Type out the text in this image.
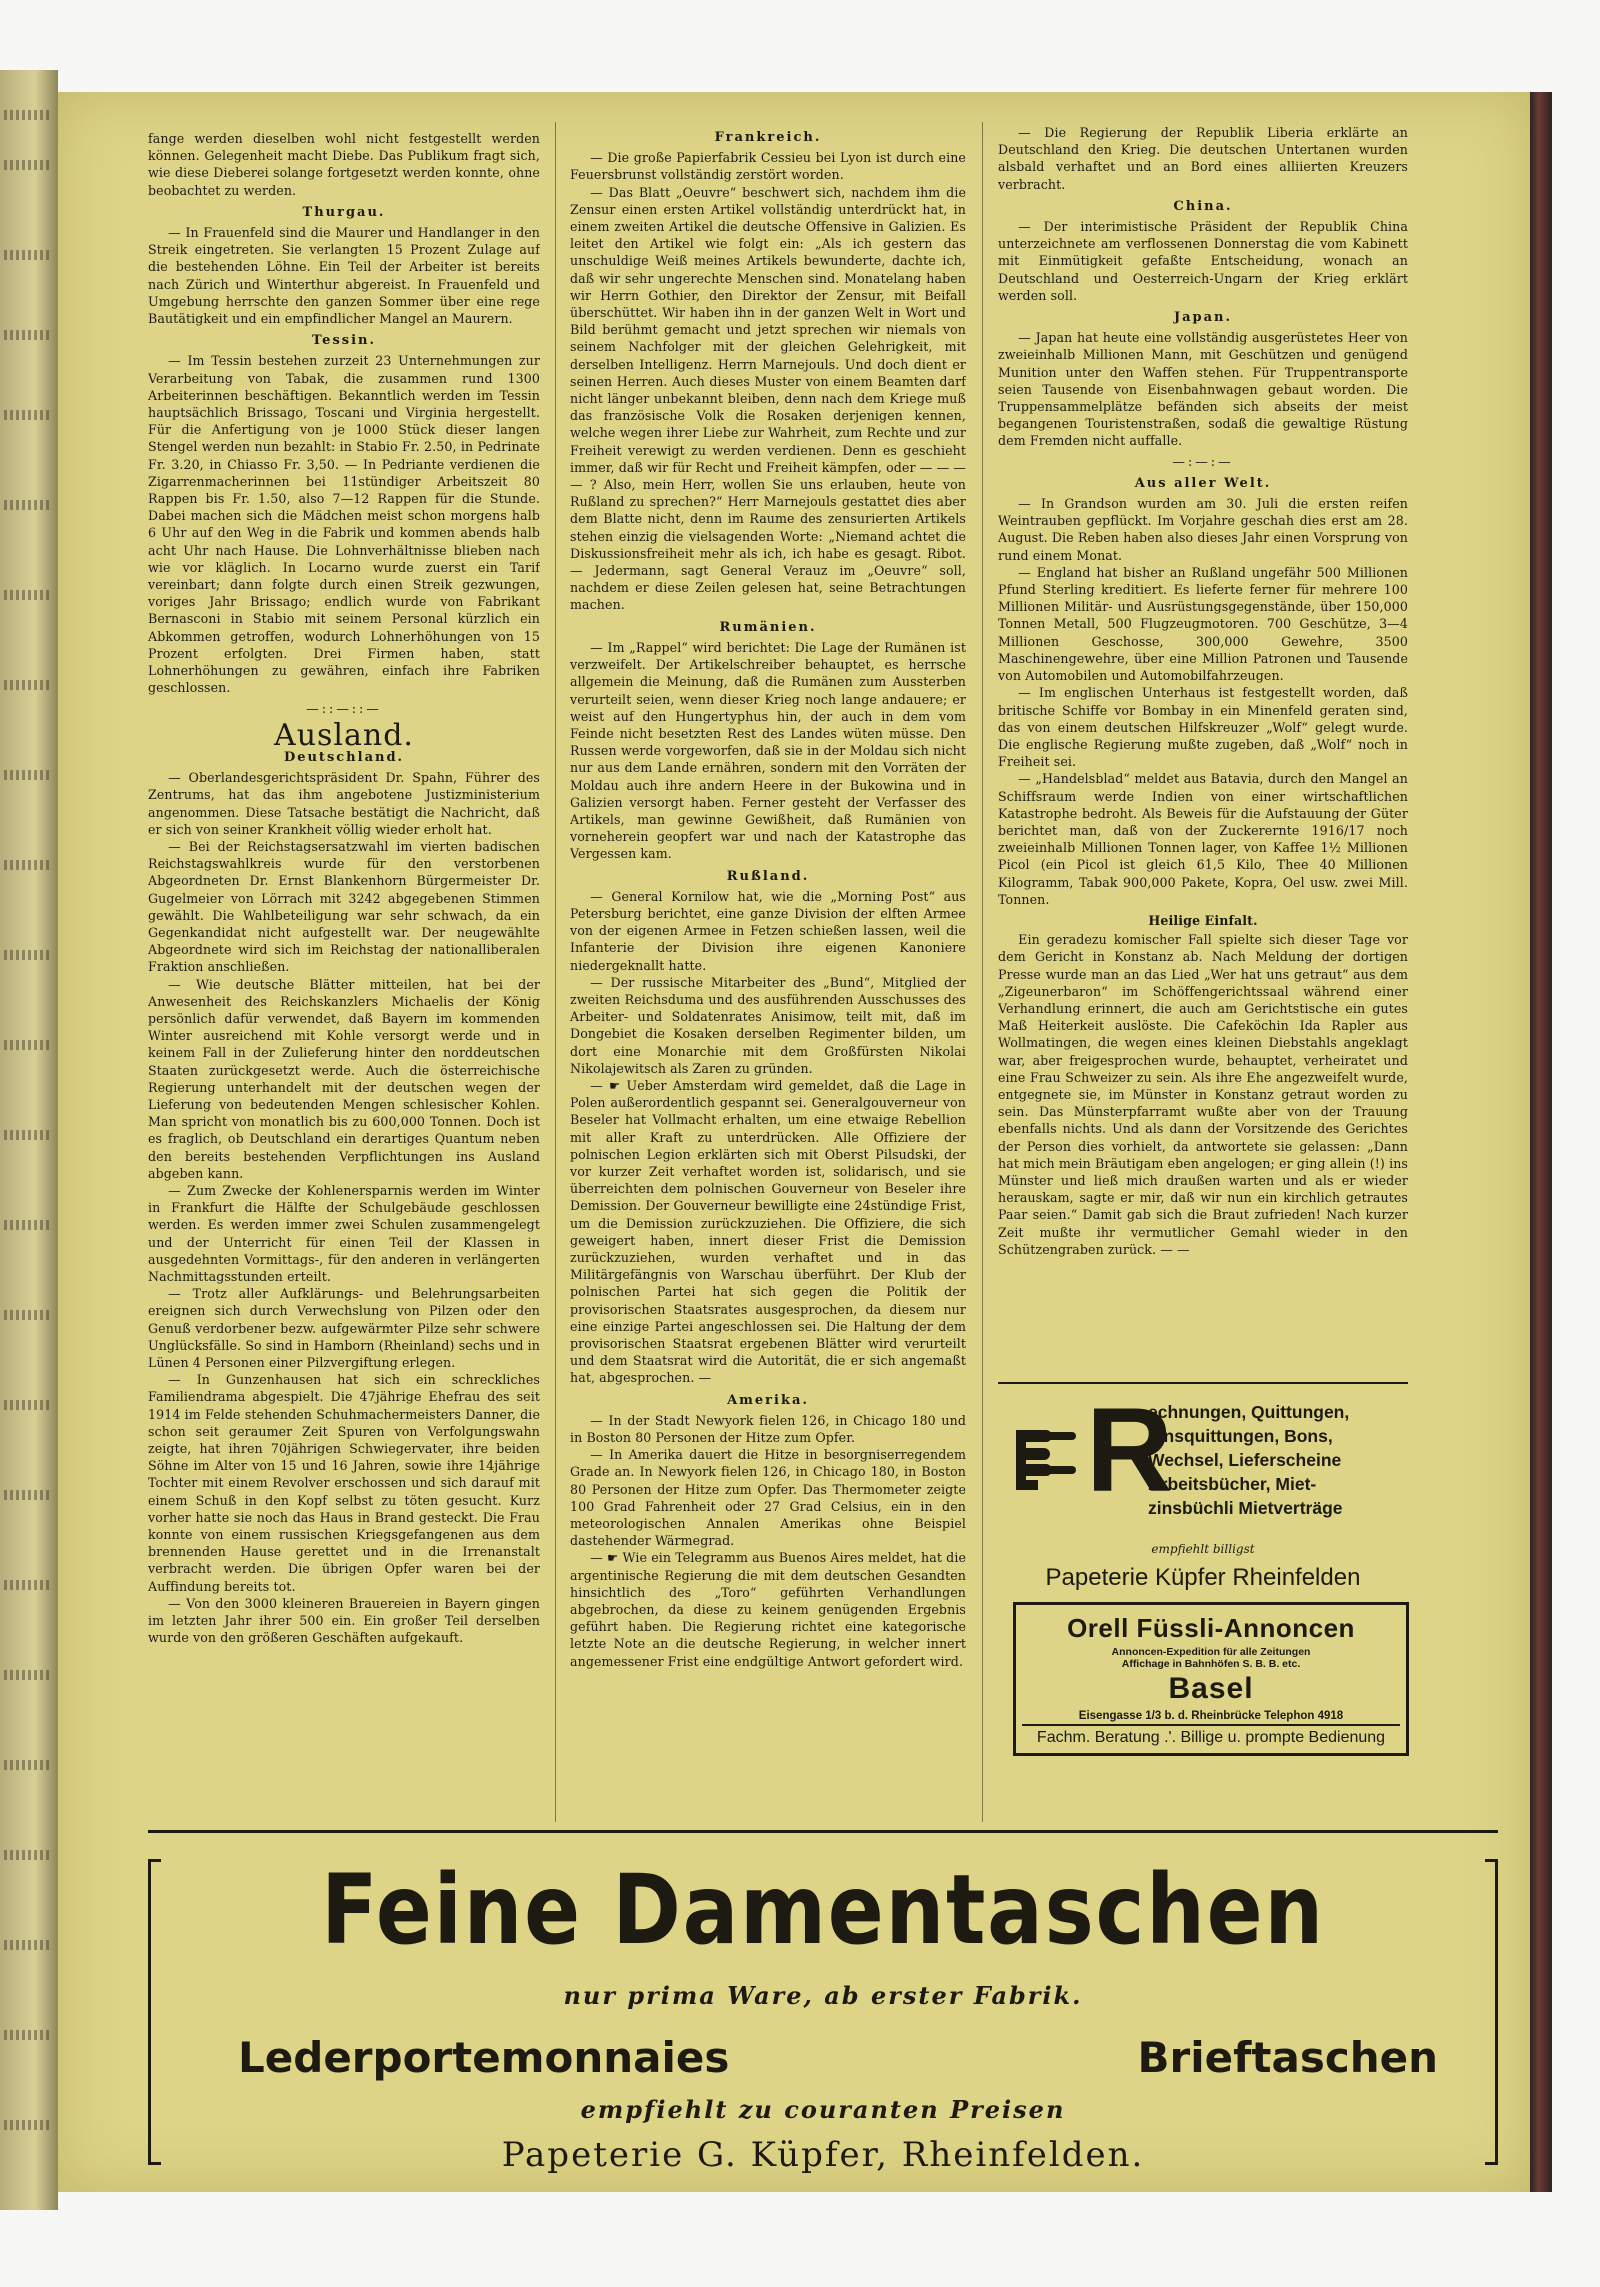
fange werden dieselben wohl nicht festgestellt werden können. Gelegenheit macht Diebe. Das Publikum fragt sich, wie diese Dieberei solange fortgesetzt werden konnte, ohne beobachtet zu werden.

Thurgau.

— In Frauenfeld sind die Maurer und Handlanger in den Streik eingetreten. Sie verlangten 15 Prozent Zulage auf die bestehenden Löhne. Ein Teil der Arbeiter ist bereits nach Zürich und Winterthur abgereist. In Frauenfeld und Umgebung herrschte den ganzen Sommer über eine rege Bautätigkeit und ein empfindlicher Mangel an Maurern.

Tessin.

— Im Tessin bestehen zurzeit 23 Unternehmungen zur Verarbeitung von Tabak, die zusammen rund 1300 Arbeiterinnen beschäftigen. Bekanntlich werden im Tessin hauptsächlich Brissago, Toscani und Virginia hergestellt. Für die Anfertigung von je 1000 Stück dieser langen Stengel werden nun bezahlt: in Stabio Fr. 2.50, in Pedrinate Fr. 3.20, in Chiasso Fr. 3,50. — In Pedriante verdienen die Zigarrenmacherinnen bei 11stündiger Arbeitszeit 80 Rappen bis Fr. 1.50, also 7—12 Rappen für die Stunde. Dabei machen sich die Mädchen meist schon morgens halb 6 Uhr auf den Weg in die Fabrik und kommen abends halb acht Uhr nach Hause. Die Lohnverhältnisse blieben nach wie vor kläglich. In Locarno wurde zuerst ein Tarif vereinbart; dann folgte durch einen Streik gezwungen, voriges Jahr Brissago; endlich wurde von Fabrikant Bernasconi in Stabio mit seinem Personal kürzlich ein Abkommen getroffen, wodurch Lohnerhöhungen von 15 Prozent erfolgten. Drei Firmen haben, statt Lohnerhöhungen zu gewähren, einfach ihre Fabriken geschlossen.

—::—::—
Ausland.
Deutschland.

— Oberlandesgerichtspräsident Dr. Spahn, Führer des Zentrums, hat das ihm angebotene Justizministerium angenommen. Diese Tatsache bestätigt die Nachricht, daß er sich von seiner Krankheit völlig wieder erholt hat.

— Bei der Reichstagsersatzwahl im vierten badischen Reichstagswahlkreis wurde für den verstorbenen Abgeordneten Dr. Ernst Blankenhorn Bürgermeister Dr. Gugelmeier von Lörrach mit 3242 abgegebenen Stimmen gewählt. Die Wahlbeteiligung war sehr schwach, da ein Gegenkandidat nicht aufgestellt war. Der neugewählte Abgeordnete wird sich im Reichstag der nationalliberalen Fraktion anschließen.

— Wie deutsche Blätter mitteilen, hat bei der Anwesenheit des Reichskanzlers Michaelis der König persönlich dafür verwendet, daß Bayern im kommenden Winter ausreichend mit Kohle versorgt werde und in keinem Fall in der Zulieferung hinter den norddeutschen Staaten zurückgesetzt werde. Auch die österreichische Regierung unterhandelt mit der deutschen wegen der Lieferung von bedeutenden Mengen schlesischer Kohlen. Man spricht von monatlich bis zu 600,000 Tonnen. Doch ist es fraglich, ob Deutschland ein derartiges Quantum neben den bereits bestehenden Verpflichtungen ins Ausland abgeben kann.

— Zum Zwecke der Kohlenersparnis werden im Winter in Frankfurt die Hälfte der Schulgebäude geschlossen werden. Es werden immer zwei Schulen zusammengelegt und der Unterricht für einen Teil der Klassen in ausgedehnten Vormittags-, für den anderen in verlängerten Nachmittagsstunden erteilt.

— Trotz aller Aufklärungs- und Belehrungsarbeiten ereignen sich durch Verwechslung von Pilzen oder den Genuß verdorbener bezw. aufgewärmter Pilze sehr schwere Unglücksfälle. So sind in Hamborn (Rheinland) sechs und in Lünen 4 Personen einer Pilzvergiftung erlegen.

— In Gunzenhausen hat sich ein schreckliches Familiendrama abgespielt. Die 47jährige Ehefrau des seit 1914 im Felde stehenden Schuhmachermeisters Danner, die schon seit geraumer Zeit Spuren von Verfolgungswahn zeigte, hat ihren 70jährigen Schwiegervater, ihre beiden Söhne im Alter von 15 und 16 Jahren, sowie ihre 14jährige Tochter mit einem Revolver erschossen und sich darauf mit einem Schuß in den Kopf selbst zu töten gesucht. Kurz vorher hatte sie noch das Haus in Brand gesteckt. Die Frau konnte von einem russischen Kriegsgefangenen aus dem brennenden Hause gerettet und in die Irrenanstalt verbracht werden. Die übrigen Opfer waren bei der Auffindung bereits tot.

— Von den 3000 kleineren Brauereien in Bayern gingen im letzten Jahr ihrer 500 ein. Ein großer Teil derselben wurde von den größeren Geschäften aufgekauft.

Frankreich.

— Die große Papierfabrik Cessieu bei Lyon ist durch eine Feuersbrunst vollständig zerstört worden.

— Das Blatt „Oeuvre“ beschwert sich, nachdem ihm die Zensur einen ersten Artikel vollständig unterdrückt hat, in einem zweiten Artikel die deutsche Offensive in Galizien. Es leitet den Artikel wie folgt ein: „Als ich gestern das unschuldige Weiß meines Artikels bewunderte, dachte ich, daß wir sehr ungerechte Menschen sind. Monatelang haben wir Herrn Gothier, den Direktor der Zensur, mit Beifall überschüttet. Wir haben ihn in der ganzen Welt in Wort und Bild berühmt gemacht und jetzt sprechen wir niemals von seinem Nachfolger mit der gleichen Gelehrigkeit, mit derselben Intelligenz. Herrn Marnejouls. Und doch dient er seinen Herren. Auch dieses Muster von einem Beamten darf nicht länger unbekannt bleiben, denn nach dem Kriege muß das französische Volk die Rosaken derjenigen kennen, welche wegen ihrer Liebe zur Wahrheit, zum Rechte und zur Freiheit verewigt zu werden verdienen. Denn es geschieht immer, daß wir für Recht und Freiheit kämpfen, oder — — — — ? Also, mein Herr, wollen Sie uns erlauben, heute von Rußland zu sprechen?“ Herr Marnejouls gestattet dies aber dem Blatte nicht, denn im Raume des zensurierten Artikels stehen einzig die vielsagenden Worte: „Niemand achtet die Diskussionsfreiheit mehr als ich, ich habe es gesagt. Ribot. — Jedermann, sagt General Verauz im „Oeuvre“ soll, nachdem er diese Zeilen gelesen hat, seine Betrachtungen machen.

Rumänien.

— Im „Rappel“ wird berichtet: Die Lage der Rumänen ist verzweifelt. Der Artikelschreiber behauptet, es herrsche allgemein die Meinung, daß die Rumänen zum Aussterben verurteilt seien, wenn dieser Krieg noch lange andauere; er weist auf den Hungertyphus hin, der auch in dem vom Feinde nicht besetzten Rest des Landes wüten müsse. Den Russen werde vorgeworfen, daß sie in der Moldau sich nicht nur aus dem Lande ernähren, sondern mit den Vorräten der Moldau auch ihre andern Heere in der Bukowina und in Galizien versorgt haben. Ferner gesteht der Verfasser des Artikels, man gewinne Gewißheit, daß Rumänien von vorneherein geopfert war und nach der Katastrophe das Vergessen kam.

Rußland.

— General Kornilow hat, wie die „Morning Post“ aus Petersburg berichtet, eine ganze Division der elften Armee von der eigenen Armee in Fetzen schießen lassen, weil die Infanterie der Division ihre eigenen Kanoniere niedergeknallt hatte.

— Der russische Mitarbeiter des „Bund“, Mitglied der zweiten Reichsduma und des ausführenden Ausschusses des Arbeiter- und Soldatenrates Anisimow, teilt mit, daß im Dongebiet die Kosaken derselben Regimenter bilden, um dort eine Monarchie mit dem Großfürsten Nikolai Nikolajewitsch als Zaren zu gründen.

— ☛ Ueber Amsterdam wird gemeldet, daß die Lage in Polen außerordentlich gespannt sei. Generalgouverneur von Beseler hat Vollmacht erhalten, um eine etwaige Rebellion mit aller Kraft zu unterdrücken. Alle Offiziere der polnischen Legion erklärten sich mit Oberst Pilsudski, der vor kurzer Zeit verhaftet worden ist, solidarisch, und sie überreichten dem polnischen Gouverneur von Beseler ihre Demission. Der Gouverneur bewilligte eine 24stündige Frist, um die Demission zurückzuziehen. Die Offiziere, die sich geweigert haben, innert dieser Frist die Demission zurückzuziehen, wurden verhaftet und in das Militärgefängnis von Warschau überführt. Der Klub der polnischen Partei hat sich gegen die Politik der provisorischen Staatsrates ausgesprochen, da diesem nur eine einzige Partei angeschlossen sei. Die Haltung der dem provisorischen Staatsrat ergebenen Blätter wird verurteilt und dem Staatsrat wird die Autorität, die er sich angemaßt hat, abgesprochen. —

Amerika.

— In der Stadt Newyork fielen 126, in Chicago 180 und in Boston 80 Personen der Hitze zum Opfer.

— In Amerika dauert die Hitze in besorgniserregendem Grade an. In Newyork fielen 126, in Chicago 180, in Boston 80 Personen der Hitze zum Opfer. Das Thermometer zeigte 100 Grad Fahrenheit oder 27 Grad Celsius, ein in den meteorologischen Annalen Amerikas ohne Beispiel dastehender Wärmegrad.

— ☛ Wie ein Telegramm aus Buenos Aires meldet, hat die argentinische Regierung die mit dem deutschen Gesandten hinsichtlich des „Toro“ geführten Verhandlungen abgebrochen, da diese zu keinem genügenden Ergebnis geführt haben. Die Regierung richtet eine kategorische letzte Note an die deutsche Regierung, in welcher innert angemessener Frist eine endgültige Antwort gefordert wird.

— Die Regierung der Republik Liberia erklärte an Deutschland den Krieg. Die deutschen Untertanen wurden alsbald verhaftet und an Bord eines alliierten Kreuzers verbracht.

China.

— Der interimistische Präsident der Republik China unterzeichnete am verflossenen Donnerstag die vom Kabinett mit Einmütigkeit gefaßte Entscheidung, wonach an Deutschland und Oesterreich-Ungarn der Krieg erklärt werden soll.

Japan.

— Japan hat heute eine vollständig ausgerüstetes Heer von zweieinhalb Millionen Mann, mit Geschützen und genügend Munition unter den Waffen stehen. Für Truppentransporte seien Tausende von Eisenbahnwagen gebaut worden. Die Truppensammelplätze befänden sich abseits der meist begangenen Touristenstraßen, sodaß die gewaltige Rüstung dem Fremden nicht auffalle.

—:—:—
Aus aller Welt.

— In Grandson wurden am 30. Juli die ersten reifen Weintrauben gepflückt. Im Vorjahre geschah dies erst am 28. August. Die Reben haben also dieses Jahr einen Vorsprung von rund einem Monat.

— England hat bisher an Rußland ungefähr 500 Millionen Pfund Sterling kreditiert. Es lieferte ferner für mehrere 100 Millionen Militär- und Ausrüstungsgegenstände, über 150,000 Tonnen Metall, 500 Flugzeugmotoren. 700 Geschütze, 3—4 Millionen Geschosse, 300,000 Gewehre, 3500 Maschinengewehre, über eine Million Patronen und Tausende von Automobilen und Automobilfahrzeugen.

— Im englischen Unterhaus ist festgestellt worden, daß britische Schiffe vor Bombay in ein Minenfeld geraten sind, das von einem deutschen Hilfskreuzer „Wolf“ gelegt wurde. Die englische Regierung mußte zugeben, daß „Wolf“ noch in Freiheit sei.

— „Handelsblad“ meldet aus Batavia, durch den Mangel an Schiffsraum werde Indien von einer wirtschaftlichen Katastrophe bedroht. Als Beweis für die Aufstauung der Güter berichtet man, daß von der Zuckerernte 1916/17 noch zweieinhalb Millionen Tonnen lager, von Kaffee 1½ Millionen Picol (ein Picol ist gleich 61,5 Kilo, Thee 40 Millionen Kilogramm, Tabak 900,000 Pakete, Kopra, Oel usw. zwei Mill. Tonnen.

Heilige Einfalt.

Ein geradezu komischer Fall spielte sich dieser Tage vor dem Gericht in Konstanz ab. Nach Meldung der dortigen Presse wurde man an das Lied „Wer hat uns getraut“ aus dem „Zigeunerbaron“ im Schöffengerichtssaal während einer Verhandlung erinnert, die auch am Gerichtstische ein gutes Maß Heiterkeit auslöste. Die Cafeköchin Ida Rapler aus Wollmatingen, die wegen eines kleinen Diebstahls angeklagt war, aber freigesprochen wurde, behauptet, verheiratet und eine Frau Schweizer zu sein. Als ihre Ehe angezweifelt wurde, entgegnete sie, im Münster in Konstanz getraut worden zu sein. Das Münsterpfarramt wußte aber von der Trauung ebenfalls nichts. Und als dann der Vorsitzende des Gerichtes der Person dies vorhielt, da antwortete sie gelassen: „Dann hat mich mein Bräutigam eben angelogen; er ging allein (!) ins Münster und ließ mich draußen warten und als er wieder herauskam, sagte er mir, daß wir nun ein kirchlich getrautes Paar seien.“ Damit gab sich die Braut zufrieden! Nach kurzer Zeit mußte ihr vermutlicher Gemahl wieder in den Schützengraben zurück. — —

R
echnungen, Quittungen,
Zinsquittungen, Bons,
Wechsel, Lieferscheine
Arbeitsbücher, Miet-
zinsbüchli Mietverträge
empfiehlt billigst
Papeterie Küpfer Rheinfelden
Orell Füssli-Annoncen
Annoncen-Expedition für alle Zeitungen
Affichage in Bahnhöfen S. B. B. etc.
Basel
Eisengasse 1/3 b. d. Rheinbrücke Telephon 4918
Fachm. Beratung .'. Billige u. prompte Bedienung
Feine Damentaschen
nur prima Ware, ab erster Fabrik.
Lederportemonnaies	Brieftaschen
empfiehlt zu couranten Preisen
Papeterie G. Küpfer, Rheinfelden.
